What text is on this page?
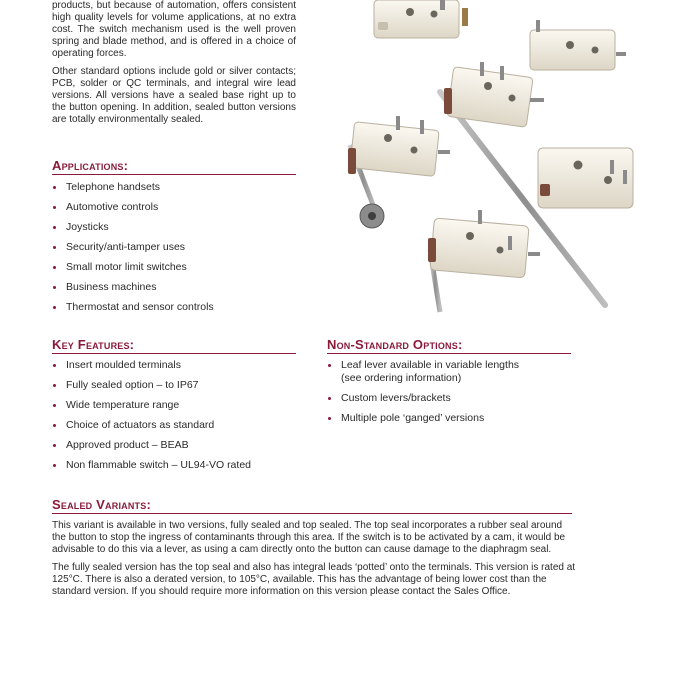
products, but because of automation, offers consistent high quality levels for volume applications, at no extra cost. The switch mechanism used is the well proven spring and blade method, and is offered in a choice of operating forces.

Other standard options include gold or silver contacts; PCB, solder or QC terminals, and integral wire lead versions. All versions have a sealed base right up to the button opening. In addition, sealed button versions are totally environmentally sealed.

Applications:
Telephone handsets
Automotive controls
Joysticks
Security/anti-tamper uses
Small motor limit switches
Business machines
Thermostat and sensor controls
Key Features:
Insert moulded terminals
Fully sealed option – to IP67
Wide temperature range
Choice of actuators as standard
Approved product – BEAB
Non flammable switch – UL94-VO rated
Non-Standard Options:
Leaf lever available in variable lengths (see ordering information)
Custom levers/brackets
Multiple pole ‘ganged’ versions
Sealed Variants:

This variant is available in two versions, fully sealed and top sealed. The top seal incorporates a rubber seal around the button to stop the ingress of contaminants through this area. If the switch is to be activated by a cam, it would be advisable to do this via a lever, as using a cam directly onto the button can cause damage to the diaphragm seal.

The fully sealed version has the top seal and also has integral leads ‘potted’ onto the terminals. This version is rated at 125°C. There is also a derated version, to 105°C, available. This has the advantage of being lower cost than the standard version. If you should require more information on this version please contact the Sales Office.
